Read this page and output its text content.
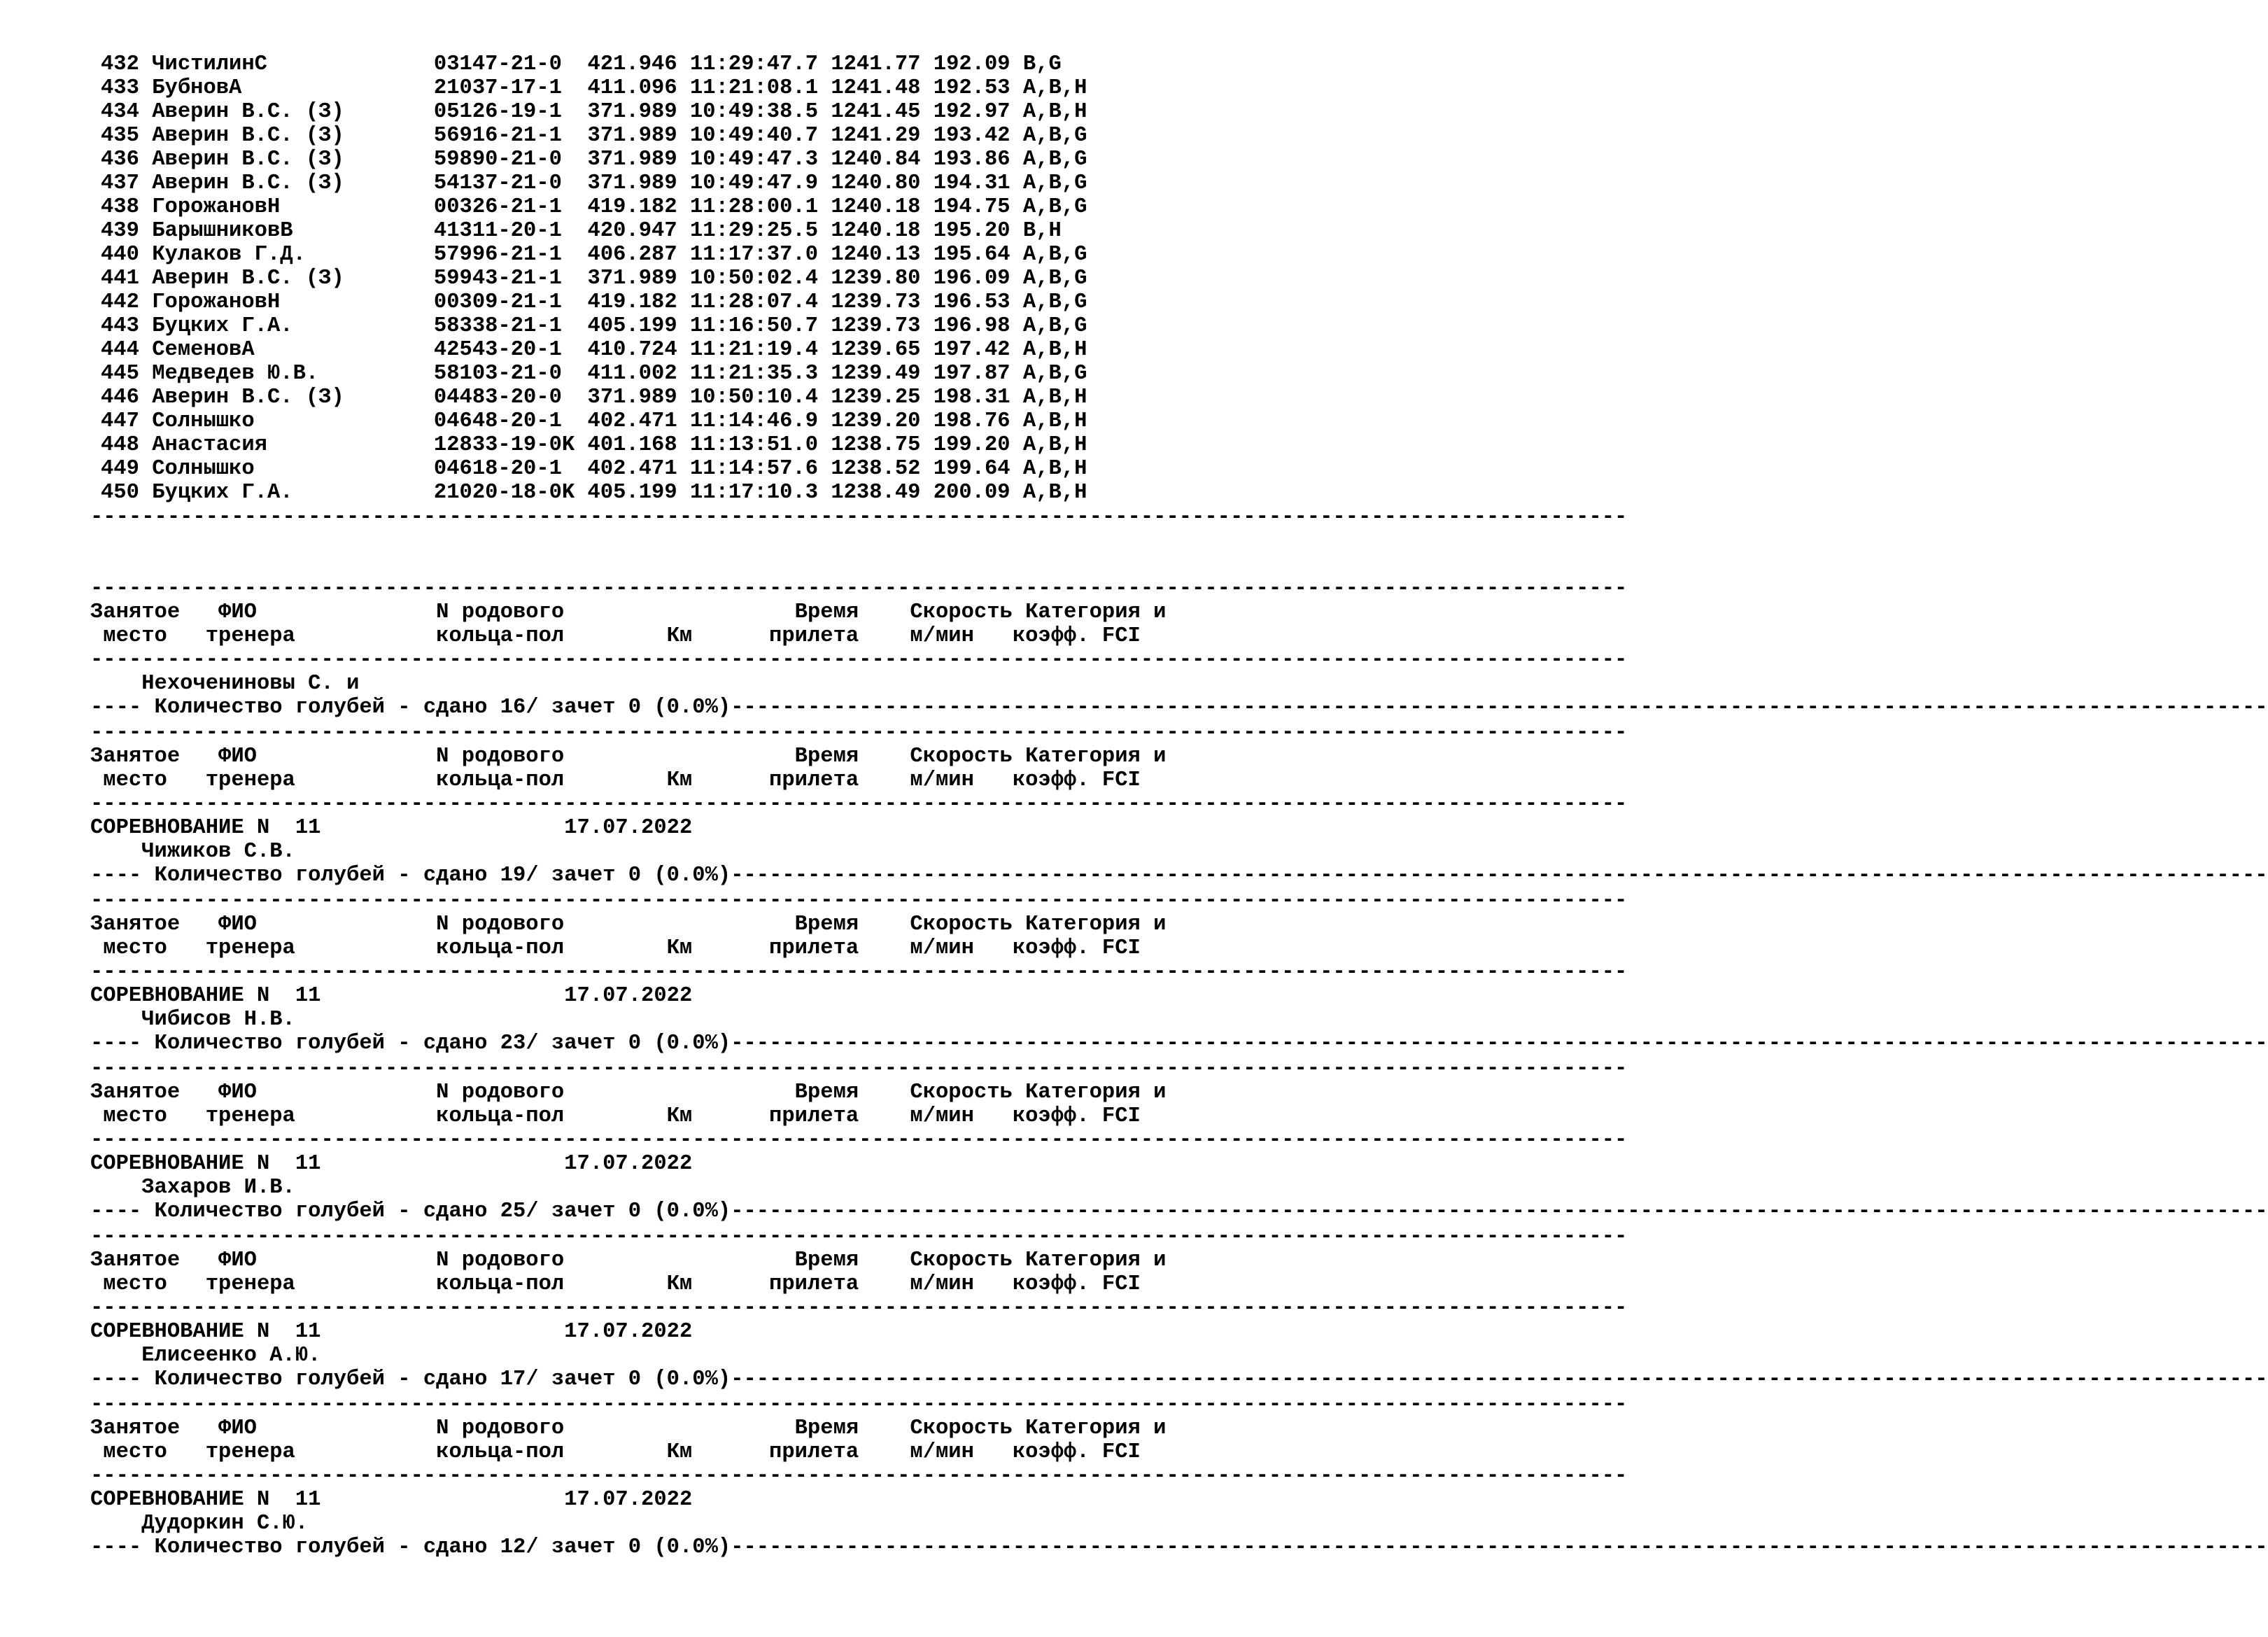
432 ЧистилинС             03147-21-0  421.946 11:29:47.7 1241.77 192.09 B,G
433 БубновА               21037-17-1  411.096 11:21:08.1 1241.48 192.53 A,B,H
434 Аверин В.С. (З)       05126-19-1  371.989 10:49:38.5 1241.45 192.97 A,B,H
435 Аверин В.С. (З)       56916-21-1  371.989 10:49:40.7 1241.29 193.42 A,B,G
436 Аверин В.С. (З)       59890-21-0  371.989 10:49:47.3 1240.84 193.86 A,B,G
437 Аверин В.С. (З)       54137-21-0  371.989 10:49:47.9 1240.80 194.31 A,B,G
438 ГорожановН            00326-21-1  419.182 11:28:00.1 1240.18 194.75 A,B,G
439 БарышниковВ           41311-20-1  420.947 11:29:25.5 1240.18 195.20 B,H
440 Кулаков Г.Д.          57996-21-1  406.287 11:17:37.0 1240.13 195.64 A,B,G
441 Аверин В.С. (З)       59943-21-1  371.989 10:50:02.4 1239.80 196.09 A,B,G
442 ГорожановН            00309-21-1  419.182 11:28:07.4 1239.73 196.53 A,B,G
443 Буцких Г.А.           58338-21-1  405.199 11:16:50.7 1239.73 196.98 A,B,G
444 СеменовА              42543-20-1  410.724 11:21:19.4 1239.65 197.42 A,B,H
445 Медведев Ю.В.         58103-21-0  411.002 11:21:35.3 1239.49 197.87 A,B,G
446 Аверин В.С. (З)       04483-20-0  371.989 10:50:10.4 1239.25 198.31 A,B,H
447 Солнышко              04648-20-1  402.471 11:14:46.9 1239.20 198.76 A,B,H
448 Анастасия             12833-19-0K 401.168 11:13:51.0 1238.75 199.20 A,B,H
449 Солнышко              04618-20-1  402.471 11:14:57.6 1238.52 199.64 A,B,H
450 Буцких Г.А.           21020-18-0K 405.199 11:17:10.3 1238.49 200.09 A,B,H
------------------------------------------------------------------------------------------------------------------------
------------------------------------------------------------------------------------------------------------------------
Занятое   ФИО              N родового                  Время    Скорость Категория и
место   тренера           кольца-пол        Км      прилета    м/мин   коэфф. FCI
------------------------------------------------------------------------------------------------------------------------
Нехочениновы С. и
---- Количество голубей - сдано 16/ зачет 0 (0.0%)------------------------------------------------------------------------------------------------------------------------
------------------------------------------------------------------------------------------------------------------------
Занятое   ФИО              N родового                  Время    Скорость Категория и
место   тренера           кольца-пол        Км      прилета    м/мин   коэфф. FCI
------------------------------------------------------------------------------------------------------------------------
СОРЕВНОВАНИЕ N  11                   17.07.2022
Чижиков С.В.
---- Количество голубей - сдано 19/ зачет 0 (0.0%)------------------------------------------------------------------------------------------------------------------------
------------------------------------------------------------------------------------------------------------------------
Занятое   ФИО              N родового                  Время    Скорость Категория и
место   тренера           кольца-пол        Км      прилета    м/мин   коэфф. FCI
------------------------------------------------------------------------------------------------------------------------
СОРЕВНОВАНИЕ N  11                   17.07.2022
Чибисов Н.В.
---- Количество голубей - сдано 23/ зачет 0 (0.0%)------------------------------------------------------------------------------------------------------------------------
------------------------------------------------------------------------------------------------------------------------
Занятое   ФИО              N родового                  Время    Скорость Категория и
место   тренера           кольца-пол        Км      прилета    м/мин   коэфф. FCI
------------------------------------------------------------------------------------------------------------------------
СОРЕВНОВАНИЕ N  11                   17.07.2022
Захаров И.В.
---- Количество голубей - сдано 25/ зачет 0 (0.0%)------------------------------------------------------------------------------------------------------------------------
------------------------------------------------------------------------------------------------------------------------
Занятое   ФИО              N родового                  Время    Скорость Категория и
место   тренера           кольца-пол        Км      прилета    м/мин   коэфф. FCI
------------------------------------------------------------------------------------------------------------------------
СОРЕВНОВАНИЕ N  11                   17.07.2022
Елисеенко А.Ю.
---- Количество голубей - сдано 17/ зачет 0 (0.0%)------------------------------------------------------------------------------------------------------------------------
------------------------------------------------------------------------------------------------------------------------
Занятое   ФИО              N родового                  Время    Скорость Категория и
место   тренера           кольца-пол        Км      прилета    м/мин   коэфф. FCI
------------------------------------------------------------------------------------------------------------------------
СОРЕВНОВАНИЕ N  11                   17.07.2022
Дудоркин С.Ю.
---- Количество голубей - сдано 12/ зачет 0 (0.0%)------------------------------------------------------------------------------------------------------------------------
